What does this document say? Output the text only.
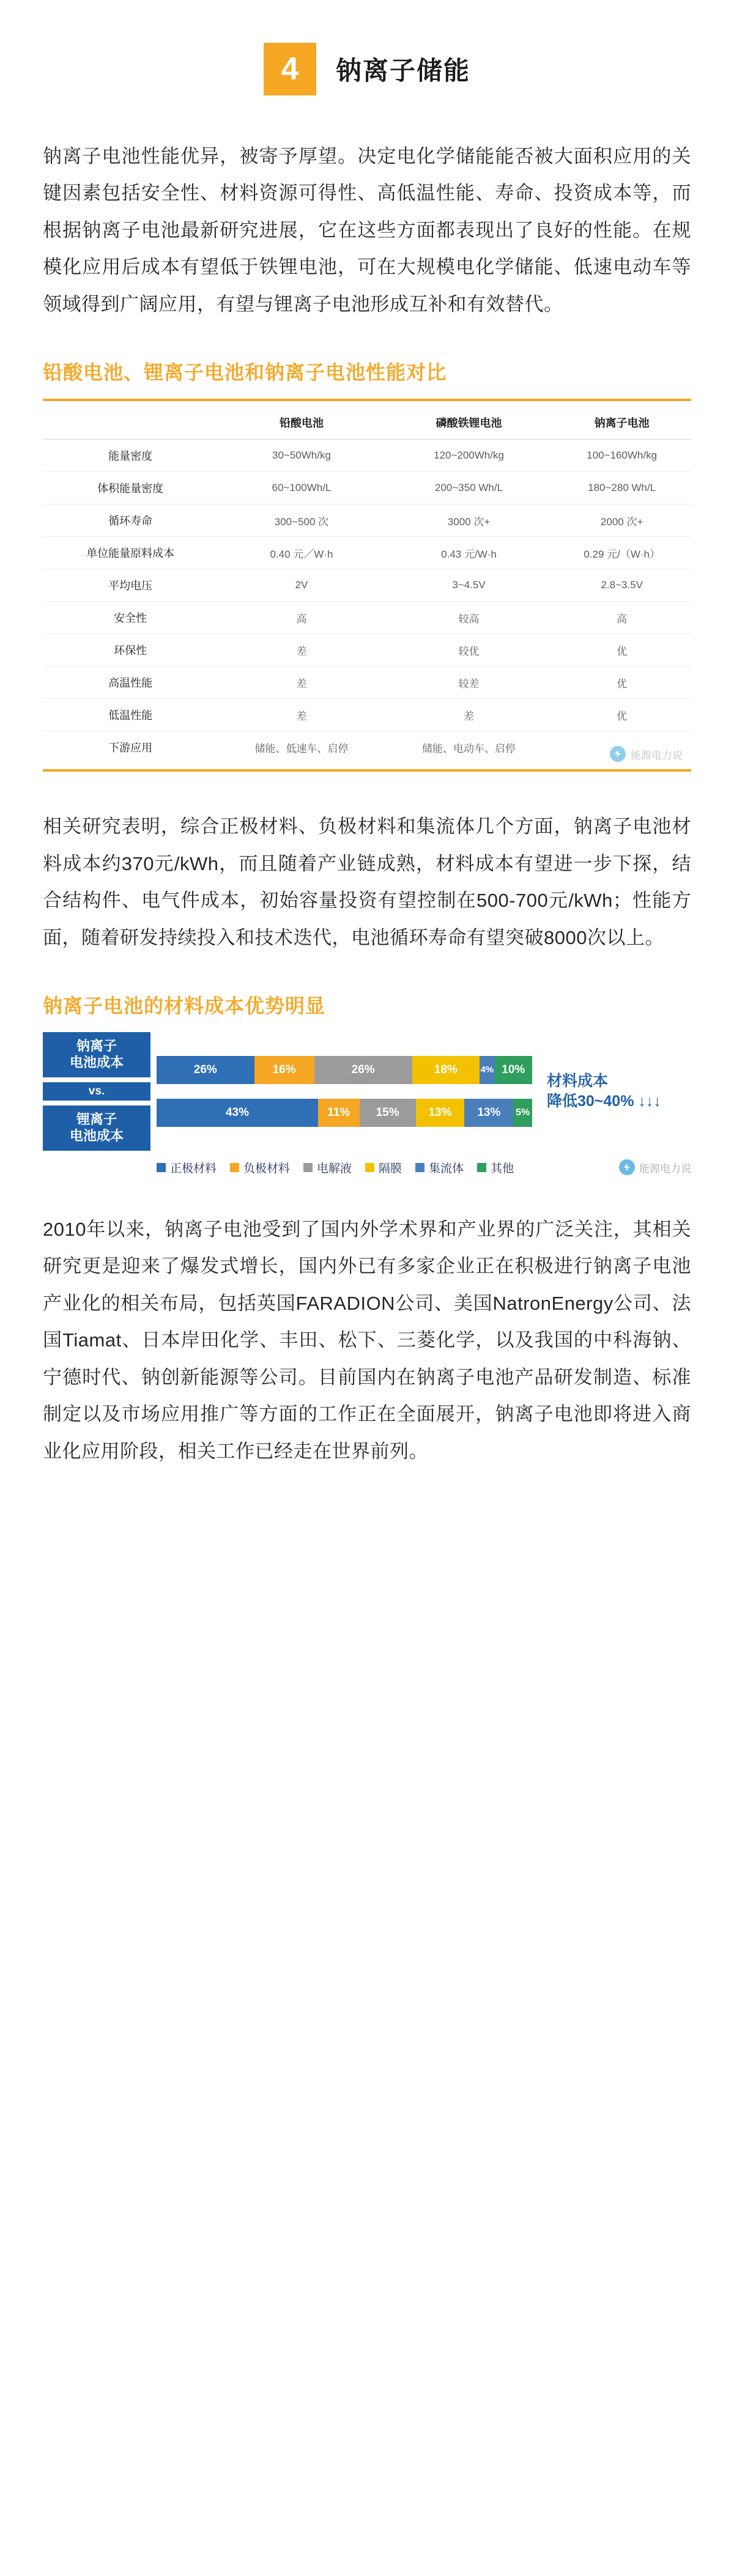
4	钠离子储能

钠离子电池性能优异，被寄予厚望。决定电化学储能能否被大面积应用的关键因素包括安全性、材料资源可得性、高低温性能、寿命、投资成本等，而根据钠离子电池最新研究进展，它在这些方面都表现出了良好的性能。在规模化应用后成本有望低于铁锂电池，可在大规模电化学储能、低速电动车等领域得到广阔应用，有望与锂离子电池形成互补和有效替代。

铅酸电池、锂离子电池和钠离子电池性能对比
	铅酸电池	磷酸铁锂电池	钠离子电池
能量密度	30~50Wh/kg	120~200Wh/kg	100~160Wh/kg
体积能量密度	60~100Wh/L	200~350 Wh/L	180~280 Wh/L
循环寿命	300~500 次	3000 次+	2000 次+
单位能量原料成本	0.40 元／W·h	0.43 元/W·h	0.29 元/（W·h）
平均电压	2V	3~4.5V	2.8~3.5V
安全性	高	较高	高
环保性	差	较优	优
高温性能	差	较差	优
低温性能	差	差	优
下游应用	储能、低速车、启停	储能、电动车、启停	
能源电力说

相关研究表明，综合正极材料、负极材料和集流体几个方面，钠离子电池材料成本约370元/kWh，而且随着产业链成熟，材料成本有望进一步下探，结合结构件、电气件成本，初始容量投资有望控制在500-700元/kWh；性能方面，随着研发持续投入和技术迭代，电池循环寿命有望突破8000次以上。

钠离子电池的材料成本优势明显
钠离子
电池成本
vs.
锂离子
电池成本
26%	16%	26%	18%	4% 10%
43%	11%	15%	13%	13%	5%
材料成本
降低30~40% ↓↓↓
正极材料 负极材料 电解液 隔膜 集流体 其他	能源电力说

2010年以来，钠离子电池受到了国内外学术界和产业界的广泛关注，其相关研究更是迎来了爆发式增长，国内外已有多家企业正在积极进行钠离子电池产业化的相关布局，包括英国FARADION公司、美国NatronEnergy公司、法国Tiamat、日本岸田化学、丰田、松下、三菱化学，以及我国的中科海钠、宁德时代、钠创新能源等公司。目前国内在钠离子电池产品研发制造、标准制定以及市场应用推广等方面的工作正在全面展开，钠离子电池即将进入商业化应用阶段，相关工作已经走在世界前列。
